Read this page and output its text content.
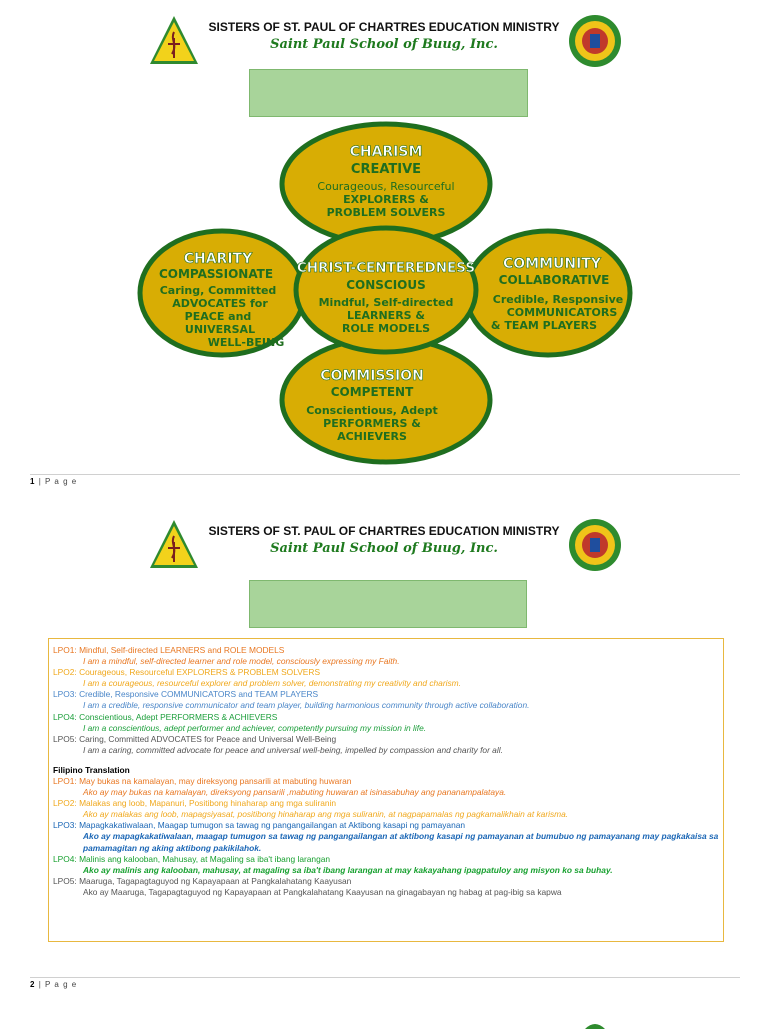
SISTERS OF ST. PAUL OF CHARTRES EDUCATION MINISTRY
Saint Paul School of Buug, Inc.
CHARISM
CREATIVE
Courageous, Resourceful
EXPLORERS &
PROBLEM SOLVERS
CHARITY
COMPASSIONATE
Caring, Committed
ADVOCATES for
PEACE and
UNIVERSAL
WELL-BEING
CHRIST-CENTEREDNESS
CONSCIOUS
Mindful, Self-directed
LEARNERS &
ROLE MODELS
COMMUNITY
COLLABORATIVE
Credible, Responsive
COMMUNICATORS
& TEAM PLAYERS
COMMISSION
COMPETENT
Conscientious, Adept
PERFORMERS &
ACHIEVERS
1 | P a g e
SISTERS OF ST. PAUL OF CHARTRES EDUCATION MINISTRY
Saint Paul School of Buug, Inc.
LPO1: Mindful, Self-directed LEARNERS and ROLE MODELS
I am a mindful, self-directed learner and role model, consciously expressing my Faith.
LPO2: Courageous, Resourceful EXPLORERS & PROBLEM SOLVERS
I am a courageous, resourceful explorer and problem solver, demonstrating my creativity and charism.
LPO3: Credible, Responsive COMMUNICATORS and TEAM PLAYERS
I am a credible, responsive communicator and team player, building harmonious community through active collaboration.
LPO4: Conscientious, Adept PERFORMERS & ACHIEVERS
I am a conscientious, adept performer and achiever, competently pursuing my mission in life.
LPO5: Caring, Committed ADVOCATES for Peace and Universal Well-Being
I am a caring, committed advocate for peace and universal well-being, impelled by compassion and charity for all.
Filipino Translation
LPO1: May bukas na kamalayan, may direksyong pansarili at mabuting huwaran
Ako ay may bukas na kamalayan, direksyong pansarili ,mabuting huwaran at isinasabuhay ang pananampalataya.
LPO2: Malakas ang loob, Mapanuri, Positibong hinaharap ang mga suliranin
Ako ay malakas ang loob, mapagsiyasat, positibong hinaharap ang mga suliranin, at nagpapamalas ng pagkamalikhain at karisma.
LPO3: Mapagkakatiwalaan, Maagap tumugon sa tawag ng pangangailangan at Aktibong kasapi ng pamayanan
Ako ay mapagkakatiwalaan, maagap tumugon sa tawag ng pangangailangan at aktibong kasapi ng pamayanan at bumubuo ng pamayanang may pagkakaisa sa pamamagitan ng aking aktibong pakikilahok.
LPO4: Malinis ang kalooban, Mahusay, at Magaling sa iba't ibang larangan
Ako ay malinis ang kalooban, mahusay, at magaling sa iba't ibang larangan at may kakayahang ipagpatuloy ang misyon ko sa buhay.
LPO5: Maaruga, Tagapagtaguyod ng Kapayapaan at Pangkalahatang Kaayusan
Ako ay Maaruga, Tagapagtaguyod ng Kapayapaan at Pangkalahatang Kaayusan na ginagabayan ng habag at pag-ibig sa kapwa
2 | P a g e
